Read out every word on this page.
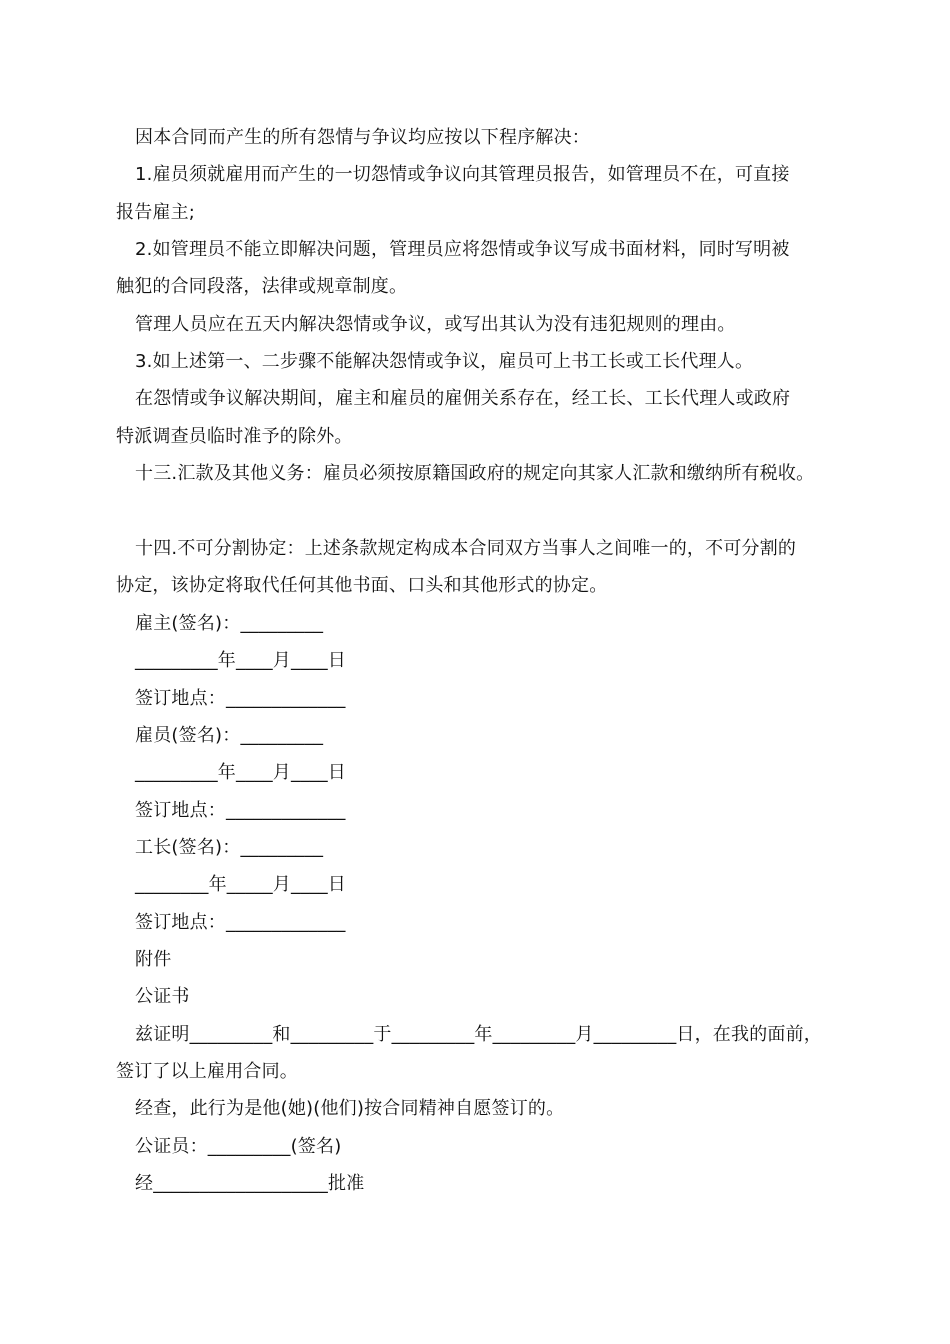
因本合同而产生的所有怨情与争议均应按以下程序解决：
1.雇员须就雇用而产生的一切怨情或争议向其管理员报告，如管理员不在，可直接
报告雇主;
2.如管理员不能立即解决问题，管理员应将怨情或争议写成书面材料，同时写明被
触犯的合同段落，法律或规章制度。
管理人员应在五天内解决怨情或争议，或写出其认为没有违犯规则的理由。
3.如上述第一、二步骤不能解决怨情或争议，雇员可上书工长或工长代理人。
在怨情或争议解决期间，雇主和雇员的雇佣关系存在，经工长、工长代理人或政府
特派调查员临时准予的除外。
十三.汇款及其他义务：雇员必须按原籍国政府的规定向其家人汇款和缴纳所有税收。
十四.不可分割协定：上述条款规定构成本合同双方当事人之间唯一的，不可分割的
协定，该协定将取代任何其他书面、口头和其他形式的协定。
雇主(签名)：_________
_________年____月____日
签订地点：_____________
雇员(签名)：_________
_________年____月____日
签订地点：_____________
工长(签名)：_________
________年_____月____日
签订地点：_____________
附件
公证书
兹证明_________和_________于_________年_________月_________日，在我的面前，
签订了以上雇用合同。
经查，此行为是他(她)(他们)按合同精神自愿签订的。
公证员：_________(签名)
经___________________批准
